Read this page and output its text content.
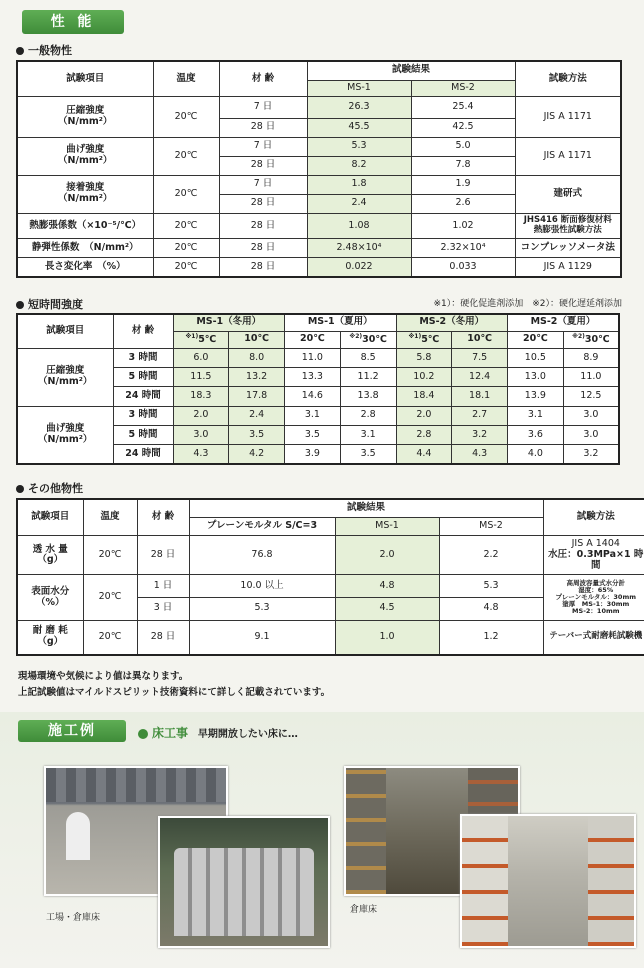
性 能
一般物性
試験項目	温度	材 齢	試験結果		試験方法
			MS-1	MS-2	
圧縮強度
（N/mm²）	20℃	7 日	26.3	25.4	JIS A 1171
		28 日	45.5	42.5	
曲げ強度
（N/mm²）	20℃	7 日	5.3	5.0	JIS A 1171
		28 日	8.2	7.8	
接着強度
（N/mm²）	20℃	7 日	1.8	1.9	建研式
		28 日	2.4	2.6	
熱膨張係数（×10⁻⁵/℃）	20℃	28 日	1.08	1.02	JHS416 断面修復材料
熱膨張性試験方法
静弾性係数　（N/mm²）	20℃	28 日	2.48×10⁴	2.32×10⁴	コンプレッソメータ法
長さ変化率　（%）	20℃	28 日	0.022	0.033	JIS A 1129
短時間強度	※1）：硬化促進剤添加　※2）：硬化遅延剤添加
試験項目	材 齢	MS-1（冬用）		MS-1（夏用）		MS-2（冬用）		MS-2（夏用）	
		$^{※1)}$5℃	10℃	20℃	$^{※2)}$30℃	$^{※1)}$5℃	10℃	20℃	$^{※2)}$30℃
圧縮強度
（N/mm²）	3 時間	6.0	8.0	11.0	8.5	5.8	7.5	10.5	8.9
	5 時間	11.5	13.2	13.3	11.2	10.2	12.4	13.0	11.0
	24 時間	18.3	17.8	14.6	13.8	18.4	18.1	13.9	12.5
曲げ強度
（N/mm²）	3 時間	2.0	2.4	3.1	2.8	2.0	2.7	3.1	3.0
	5 時間	3.0	3.5	3.5	3.1	2.8	3.2	3.6	3.0
	24 時間	4.3	4.2	3.9	3.5	4.4	4.3	4.0	3.2
その他物性
試験項目	温度	材 齢	試験結果			試験方法
			プレーンモルタル S/C=3	MS-1	MS-2	
透 水 量
（g）	20℃	28 日	76.8	2.0	2.2	JIS A 1404
水圧：0.3MPa×1 時間
表面水分
（%）	20℃	1 日	10.0 以上	4.8	5.3	高周波容量式水分計
湿度：65%
プレーンモルタル：30mm
塗厚　MS-1：30mm
MS-2：10mm
		3 日	5.3	4.5	4.8	
耐 磨 耗
（g）	20℃	28 日	9.1	1.0	1.2	テーバー式耐磨耗試験機
現場環境や気候により値は異なります。
上記試験値はマイルドスピリット技術資料にて詳しく記載されています。
施工例	床工事 早期開放したい床に…
工場・倉庫床
倉庫床
